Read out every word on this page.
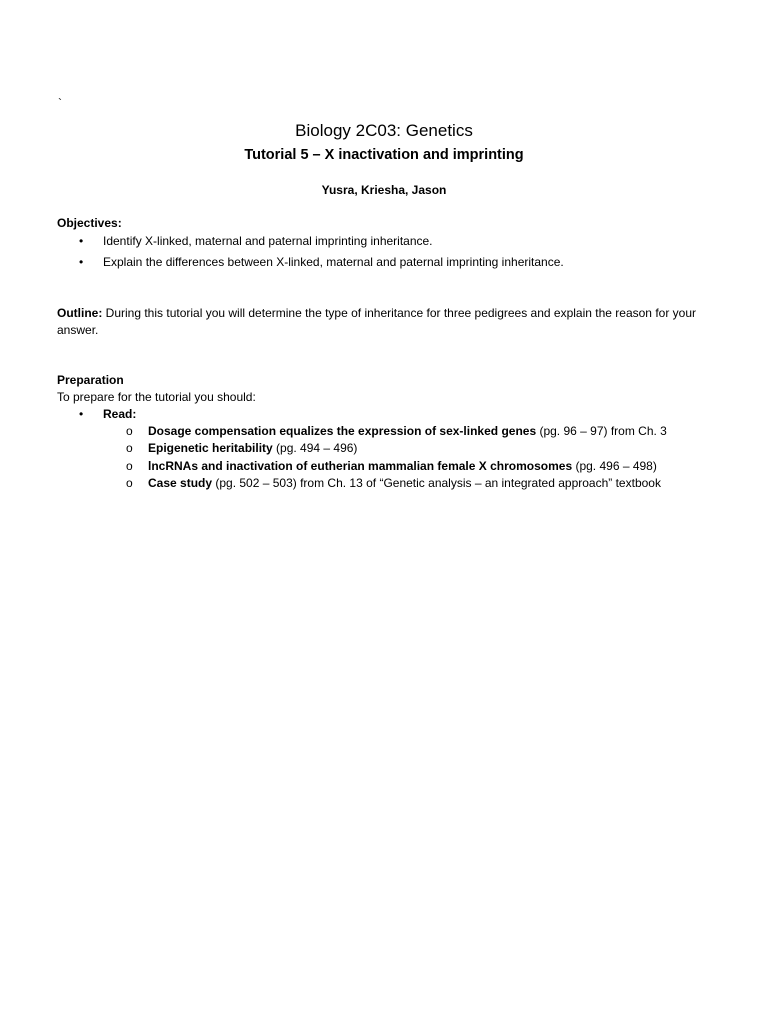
`
Biology 2C03: Genetics
Tutorial 5 – X inactivation and imprinting
Yusra, Kriesha, Jason
Objectives:
• Identify X-linked, maternal and paternal imprinting inheritance.
• Explain the differences between X-linked, maternal and paternal imprinting inheritance.
Outline: During this tutorial you will determine the type of inheritance for three pedigrees and explain the reason for your answer.
Preparation
To prepare for the tutorial you should:
• Read:
o Dosage compensation equalizes the expression of sex-linked genes (pg. 96 – 97) from Ch. 3
o Epigenetic heritability (pg. 494 – 496)
o lncRNAs and inactivation of eutherian mammalian female X chromosomes (pg. 496 – 498)
o Case study (pg. 502 – 503) from Ch. 13 of “Genetic analysis – an integrated approach” textbook
